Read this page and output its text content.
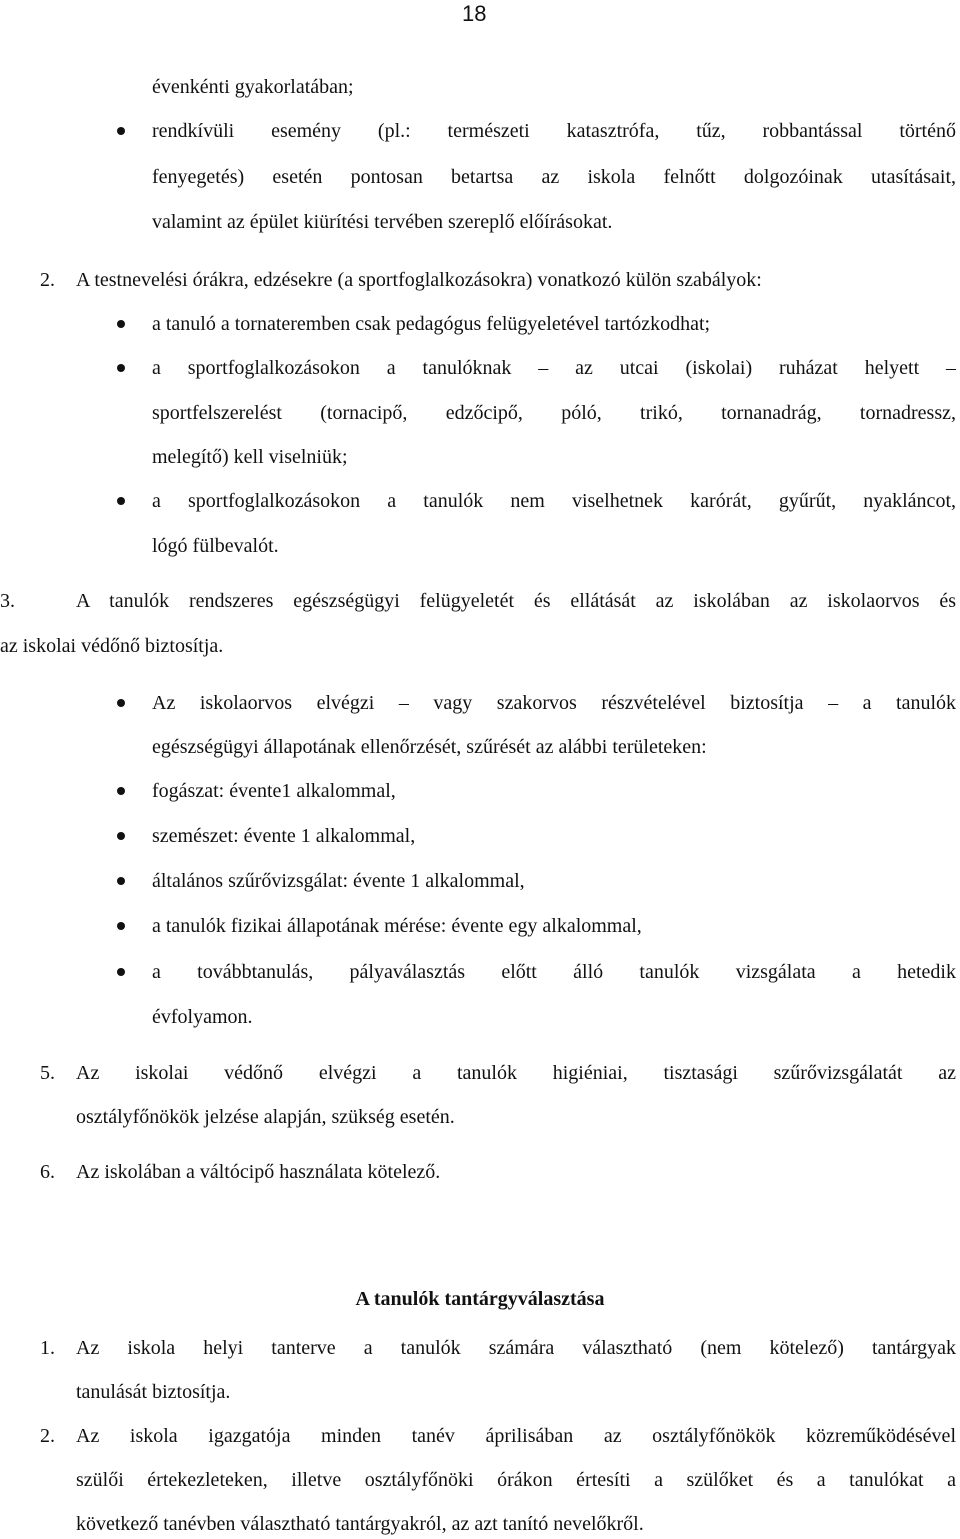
18
évenkénti gyakorlatában;
rendkívüli esemény (pl.: természeti katasztrófa, tűz, robbantással történő
fenyegetés) esetén pontosan betartsa az iskola felnőtt dolgozóinak utasításait,
valamint az épület kiürítési tervében szereplő előírásokat.
2. A testnevelési órákra, edzésekre (a sportfoglalkozásokra) vonatkozó külön szabályok:
a tanuló a tornateremben csak pedagógus felügyeletével tartózkodhat;
a sportfoglalkozásokon a tanulóknak – az utcai (iskolai) ruházat helyett –
sportfelszerelést (tornacipő, edzőcipő, póló, trikó, tornanadrág, tornadressz,
melegítő) kell viselniük;
a sportfoglalkozásokon a tanulók nem viselhetnek karórát, gyűrűt, nyakláncot,
lógó fülbevalót.
3.	A tanulók rendszeres egészségügyi felügyeletét és ellátását az iskolában az iskolaorvos és
az iskolai védőnő biztosítja.
Az iskolaorvos elvégzi – vagy szakorvos részvételével biztosítja – a tanulók
egészségügyi állapotának ellenőrzését, szűrését az alábbi területeken:
fogászat: évente1 alkalommal,
szemészet: évente 1 alkalommal,
általános szűrővizsgálat: évente 1 alkalommal,
a tanulók fizikai állapotának mérése: évente egy alkalommal,
a továbbtanulás, pályaválasztás előtt álló tanulók vizsgálata a hetedik
évfolyamon.
5. Az iskolai védőnő elvégzi a tanulók higiéniai, tisztasági szűrővizsgálatát az
osztályfőnökök jelzése alapján, szükség esetén.
6. Az iskolában a váltócipő használata kötelező.
A tanulók tantárgyválasztása
1. Az iskola helyi tanterve a tanulók számára választható (nem kötelező) tantárgyak
tanulását biztosítja.
2. Az iskola igazgatója minden tanév áprilisában az osztályfőnökök közreműködésével
szülői értekezleteken, illetve osztályfőnöki órákon értesíti a szülőket és a tanulókat a
következő tanévben választható tantárgyakról, az azt tanító nevelőkről.
